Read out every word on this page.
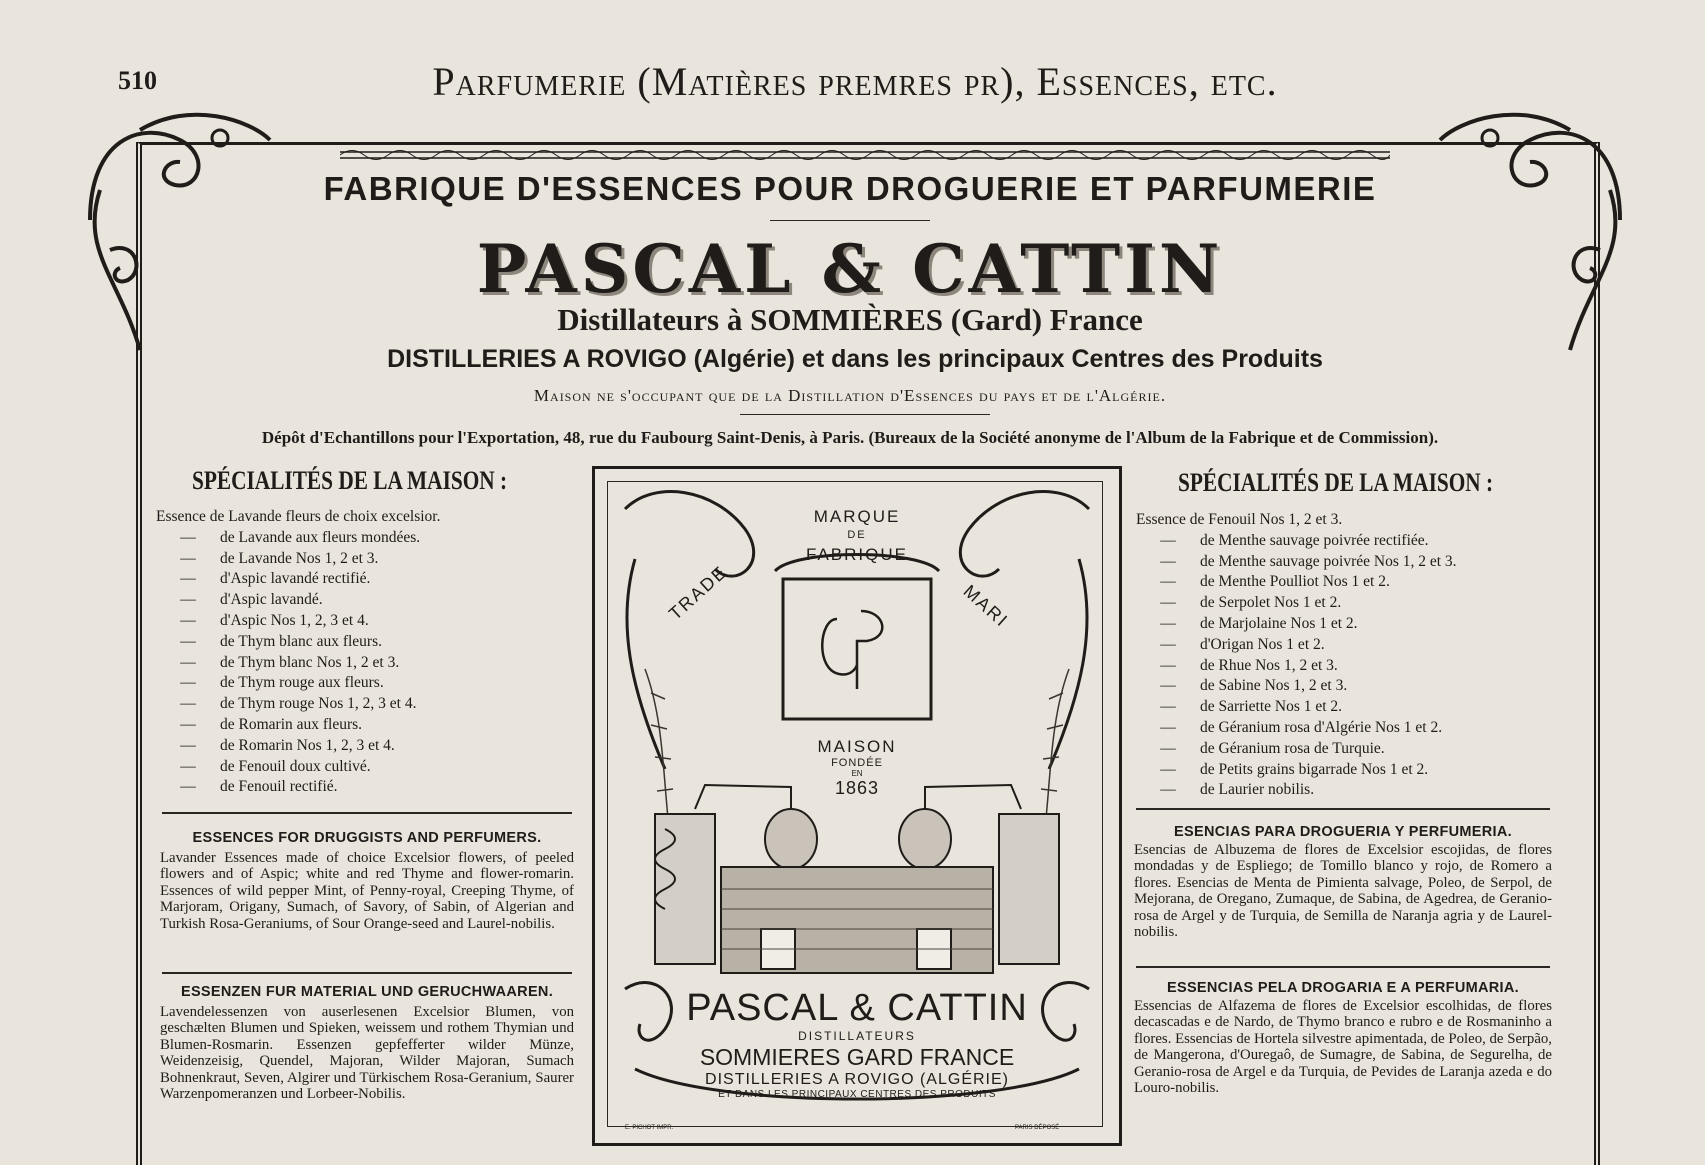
510	Parfumerie (Matières premres pr), Essences, etc.
FABRIQUE D'ESSENCES POUR DROGUERIE ET PARFUMERIE
PASCAL & CATTIN
Distillateurs à SOMMIÈRES (Gard) France
DISTILLERIES A ROVIGO (Algérie) et dans les principaux Centres des Produits
Maison ne s'occupant que de la Distillation d'Essences du pays et de l'Algérie.
Dépôt d'Echantillons pour l'Exportation, 48, rue du Faubourg Saint-Denis, à Paris. (Bureaux de la Société anonyme de l'Album de la Fabrique et de Commission).
SPÉCIALITÉS DE LA MAISON :
Essence de Lavande fleurs de choix excelsior.
— de Lavande aux fleurs mondées.
— de Lavande Nos 1, 2 et 3.
— d'Aspic lavandé rectifié.
— d'Aspic lavandé.
— d'Aspic Nos 1, 2, 3 et 4.
— de Thym blanc aux fleurs.
— de Thym blanc Nos 1, 2 et 3.
— de Thym rouge aux fleurs.
— de Thym rouge Nos 1, 2, 3 et 4.
— de Romarin aux fleurs.
— de Romarin Nos 1, 2, 3 et 4.
— de Fenouil doux cultivé.
— de Fenouil rectifié.
ESSENCES FOR DRUGGISTS AND PERFUMERS.
Lavander Essences made of choice Excelsior flowers, of peeled flowers and of Aspic; white and red Thyme and flower-romarin. Essences of wild pepper Mint, of Penny-royal, Creeping Thyme, of Marjoram, Origany, Sumach, of Savory, of Sabin, of Algerian and Turkish Rosa-Geraniums, of Sour Orange-seed and Laurel-nobilis.
ESSENZEN FUR MATERIAL UND GERUCHWAAREN.
Lavendelessenzen von auserlesenen Excelsior Blumen, von geschælten Blumen und Spieken, weissem und rothem Thymian und Blumen-Rosmarin. Essenzen gepfefferter wilder Münze, Weidenzeisig, Quendel, Majoran, Wilder Majoran, Sumach Bohnenkraut, Seven, Algirer und Türkischem Rosa-Geranium, Saurer Warzenpomeranzen und Lorbeer-Nobilis.
MARQUE
DE
FABRIQUE
TRADE	MARI
MAISON
FONDÉE
EN
1863
PASCAL & CATTIN
DISTILLATEURS
SOMMIERES GARD FRANCE
DISTILLERIES A ROVIGO (ALGÉRIE)
ET DANS LES PRINCIPAUX CENTRES DES PRODUITS
E. PICHOT IMPR.	PARIS DÉPOSÉ
SPÉCIALITÉS DE LA MAISON :
Essence de Fenouil Nos 1, 2 et 3.
— de Menthe sauvage poivrée rectifiée.
— de Menthe sauvage poivrée Nos 1, 2 et 3.
— de Menthe Poulliot Nos 1 et 2.
— de Serpolet Nos 1 et 2.
— de Marjolaine Nos 1 et 2.
— d'Origan Nos 1 et 2.
— de Rhue Nos 1, 2 et 3.
— de Sabine Nos 1, 2 et 3.
— de Sarriette Nos 1 et 2.
— de Géranium rosa d'Algérie Nos 1 et 2.
— de Géranium rosa de Turquie.
— de Petits grains bigarrade Nos 1 et 2.
— de Laurier nobilis.
ESENCIAS PARA DROGUERIA Y PERFUMERIA.
Esencias de Albuzema de flores de Excelsior escojidas, de flores mondadas y de Espliego; de Tomillo blanco y rojo, de Romero a flores. Esencias de Menta de Pimienta salvage, Poleo, de Serpol, de Mejorana, de Oregano, Zumaque, de Sabina, de Agedrea, de Geranio-rosa de Argel y de Turquia, de Semilla de Naranja agria y de Laurel-nobilis.
ESSENCIAS PELA DROGARIA E A PERFUMARIA.
Essencias de Alfazema de flores de Excelsior escolhidas, de flores decascadas e de Nardo, de Thymo branco e rubro e de Rosmaninho a flores. Essencias de Hortela silvestre apimentada, de Poleo, de Serpão, de Mangerona, d'Ouregaô, de Sumagre, de Sabina, de Segurelha, de Geranio-rosa de Argel e da Turquia, de Pevides de Laranja azeda e do Louro-nobilis.
